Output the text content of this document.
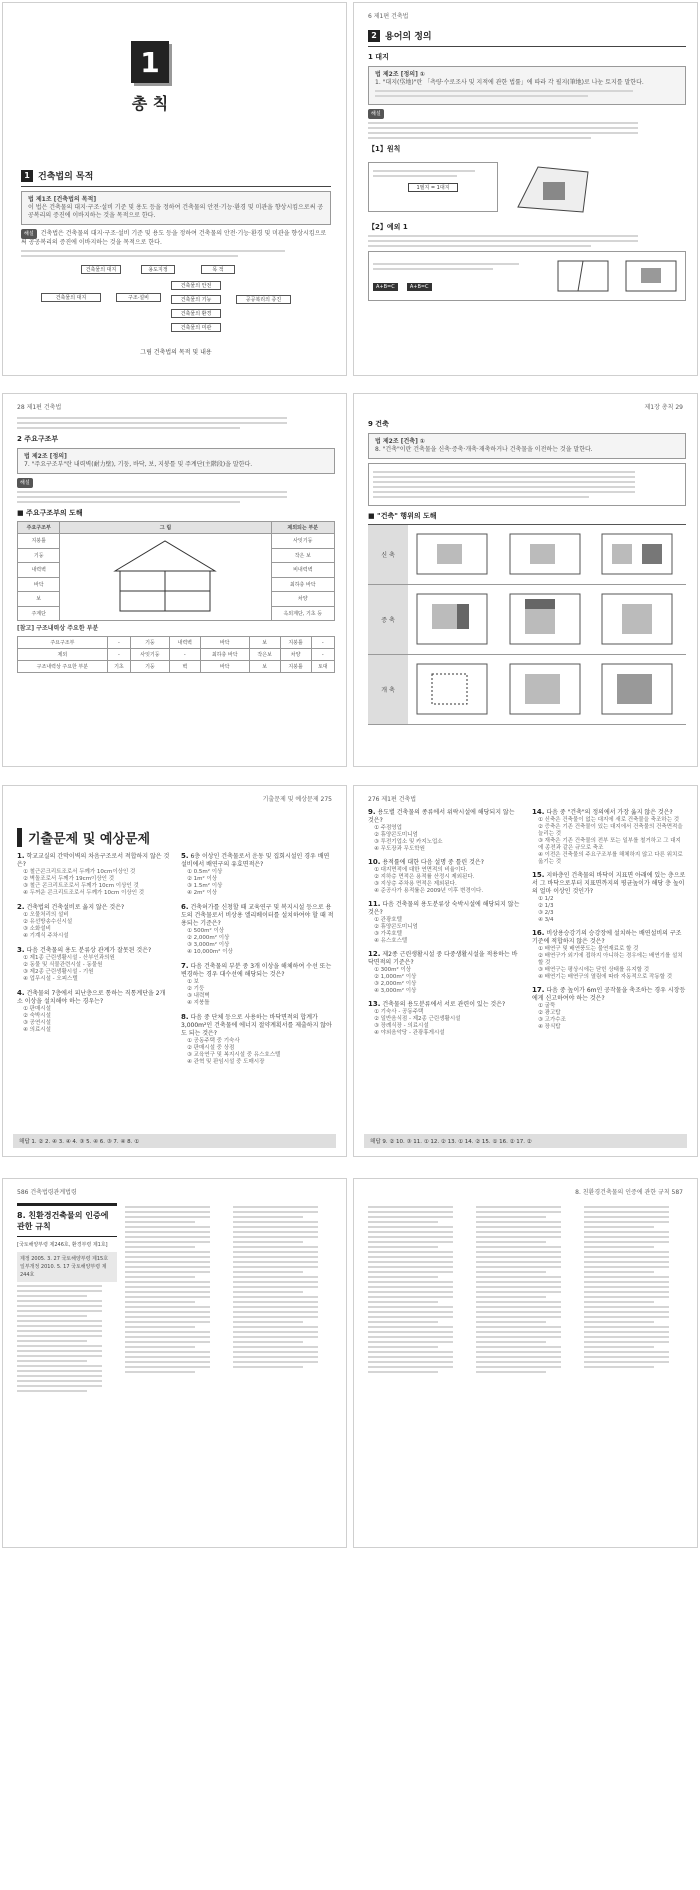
1
총 칙
1 건축법의 목적
법 제1조 [건축법의 목적]
이 법은 건축물의 대지·구조·설비 기준 및 용도 등을 정하여 건축물의 안전·기능·환경 및 미관을 향상시킴으로써 공공복리의 증진에 이바지하는 것을 목적으로 한다.
해설 건축법은 건축물의 대지·구조·설비 기준 및 용도 등을 정하여 건축물의 안전·기능·환경 및 미관을 향상시킴으로써 공공복리의 증진에 이바지하는 것을 목적으로 한다.
건축물의 대지	용도지정	목 적
건축물의 대지	구조·설비
건축물의 안전
건축물의 기능
건축물의 환경
건축물의 미관
공공복리의 증진
그림 건축법의 목적 및 내용
6 제1편 건축법
2 용어의 정의
1 대지
법 제2조 [정의] ①
1. "대지(垈地)"란 「측량·수로조사 및 지적에 관한 법률」에 따라 각 필지(筆地)로 나눈 토지를 말한다.
해설
【1】원칙
1필지 = 1대지
【2】예외 1
A+B=C	A+B=C
28 제1편 건축법
2 주요구조부
법 제2조 [정의]
7. "주요구조부"란 내력벽(耐力壁), 기둥, 바닥, 보, 지붕틀 및 주계단(主階段)을 말한다.
해설
■ 주요구조부의 도해
주요구조부	그 림	제외되는 부분
지붕틀		사잇기둥
기둥		작은 보
내력벽		비내력벽
바닥		최하층 바닥
보		차양
주계단		옥외계단, 기초 등
[참고] 구조내력상 주요한 부분
주요구조부	-	기둥	내력벽	바닥	보	지붕틀	-
제외	-	사잇기둥	-	최하층 바닥	작은보	차양	-
구조내력상 주요한 부분	기초	기둥	벽	바닥	보	지붕틀	토대
제1장 총칙 29
9 건축
법 제2조 [건축] ①
8. "건축"이란 건축물을 신축·증축·개축·재축하거나 건축물을 이전하는 것을 말한다.
■ "건축" 행위의 도해
신 축
증 축
개 축
기출문제 및 예상문제 275
기출문제 및 예상문제
1. 학교교실의 간막이벽의 차음구조로서 적합하지 않은 것은?
① 철근콘크리트조로서 두께가 10cm이상인 것
② 벽돌조로서 두께가 19cm이상인 것
③ 철근 콘크리트조로서 두께가 10cm 이상인 것
④ 두꺼운 콘크리트조로서 두께가 10cm 이상인 것
2. 건축법의 건축설비로 옳지 않은 것은?
① 오물처리의 설비
② 유선방송수신시설
③ 소화설비
④ 기계식 주차시설
3. 다음 건축물의 용도 분류상 관계가 잘못된 것은?
① 제1종 근린생활시설 - 산부인과의원
② 동물 및 식물관련시설 - 동물원
③ 제2종 근린생활시설 - 기원
④ 업무시설 - 오피스텔
4. 건축물의 7층에서 피난층으로 통하는 직통계단을 2개소 이상을 설치해야 하는 경우는?
① 판매시설
② 숙박시설
③ 공연시설
④ 의료시설
5. 6층 이상인 건축물로서 운동 및 집회시설인 경우 배연설비에서 배연구의 유효면적은?
① 0.5m² 이상
② 1m² 이상
③ 1.5m² 이상
④ 2m² 이상
6. 건축허가를 신청할 때 교육연구 및 복지시설 등으로 용도의 건축물로서 비상용 엘리베이터를 설치하여야 할 때 적용되는 기준은?
① 500m² 이상
② 2,000m² 이상
③ 3,000m² 이상
④ 10,000m² 이상
7. 다음 건축물의 부분 중 3개 이상을 해체하여 수선 또는 변경하는 경우 대수선에 해당되는 것은?
① 보
② 기둥
③ 내력벽
④ 지붕틀
8. 다음 중 단체 등으로 사용하는 바닥면적의 합계가 3,000m²인 건축물에 에너지 절약계획서를 제출하지 않아도 되는 것은?
① 공동주택 중 기숙사
② 판매시설 중 상점
③ 교육연구 및 복지시설 중 유스호스텔
④ 관혁 및 판임시설 중 도매시장
해답 1. ② 2. ④ 3. ④ 4. ③ 5. ④ 6. ③ 7. ④ 8. ①
276 제1편 건축법
9. 용도별 건축물의 종류에서 위락시설에 해당되지 않는 것은?
① 주점영업
② 휴양콘도미니엄
③ 투전기업소 및 카지노업소
④ 무도장과 무도학원
10. 용적률에 대한 다음 설명 중 틀린 것은?
① 대지면적에 대한 연면적의 비율이다.
② 지하층 면적은 용적률 산정시 제외된다.
③ 지상층 주차용 면적은 제외된다.
④ 준공사가 용적률은 2009년 이후 변경이다.
11. 다음 건축물의 용도분류상 숙박시설에 해당되지 않는 것은?
① 관광호텔
② 휴양콘도미니엄
③ 가족호텔
④ 유스호스텔
12. 제2종 근린생활시설 중 다중생활시설을 적용하는 바닥면적의 기준은?
① 300m² 이상
② 1,000m² 이상
③ 2,000m² 이상
④ 3,000m² 이상
13. 건축물의 용도분류에서 서로 관련이 있는 것은?
① 기숙사 - 공동주택
② 일반음식점 - 제2종 근린생활시설
③ 장례식장 - 의료시설
④ 야외음악당 - 관광휴게시설
14. 다음 중 "건축"의 정의에서 가장 옳지 않은 것은?
① 신축은 건축물이 없는 대지에 새로 건축물을 축조하는 것
② 증축은 기존 건축물이 있는 대지에서 건축물의 건축면적을 늘리는 것
③ 재축은 기존 건축물의 전부 또는 일부를 철거하고 그 대지에 종전과 같은 규모로 축조
④ 이전은 건축물의 주요구조부를 해체하지 않고 다른 위치로 옮기는 것
15. 지하층인 건축물의 바닥이 지표면 아래에 있는 층으로서 그 바닥으로부터 지표면까지의 평균높이가 해당 층 높이의 얼마 이상인 것인가?
① 1/2
② 1/3
③ 2/3
④ 3/4
16. 비상용승강기의 승강장에 설치하는 배연설비의 구조기준에 적합하지 않은 것은?
① 배연구 및 배연풍도는 불연재료로 할 것
② 배연구가 외기에 접하지 아니하는 경우에는 배연기를 설치할 것
③ 배연구는 평상시에는 닫힌 상태를 유지할 것
④ 배연기는 배연구의 열림에 따라 자동적으로 작동할 것
17. 다음 중 높이가 6m인 공작물을 축조하는 경우 시장등에게 신고하여야 하는 것은?
① 굴뚝
② 광고탑
③ 고가수조
④ 장식탑
해답 9. ② 10. ③ 11. ① 12. ② 13. ① 14. ② 15. ① 16. ② 17. ②
586 건축법령관계법령
8. 친환경건축물의 인증에 관한 규칙
[국토해양부령 제246호, 환경부령 제1호]
제정 2005. 3. 27 국토해양부령 제15호
일부개정 2010. 5. 17 국토해양부령 제244호
8. 친환경건축물의 인증에 관한 규칙 587
